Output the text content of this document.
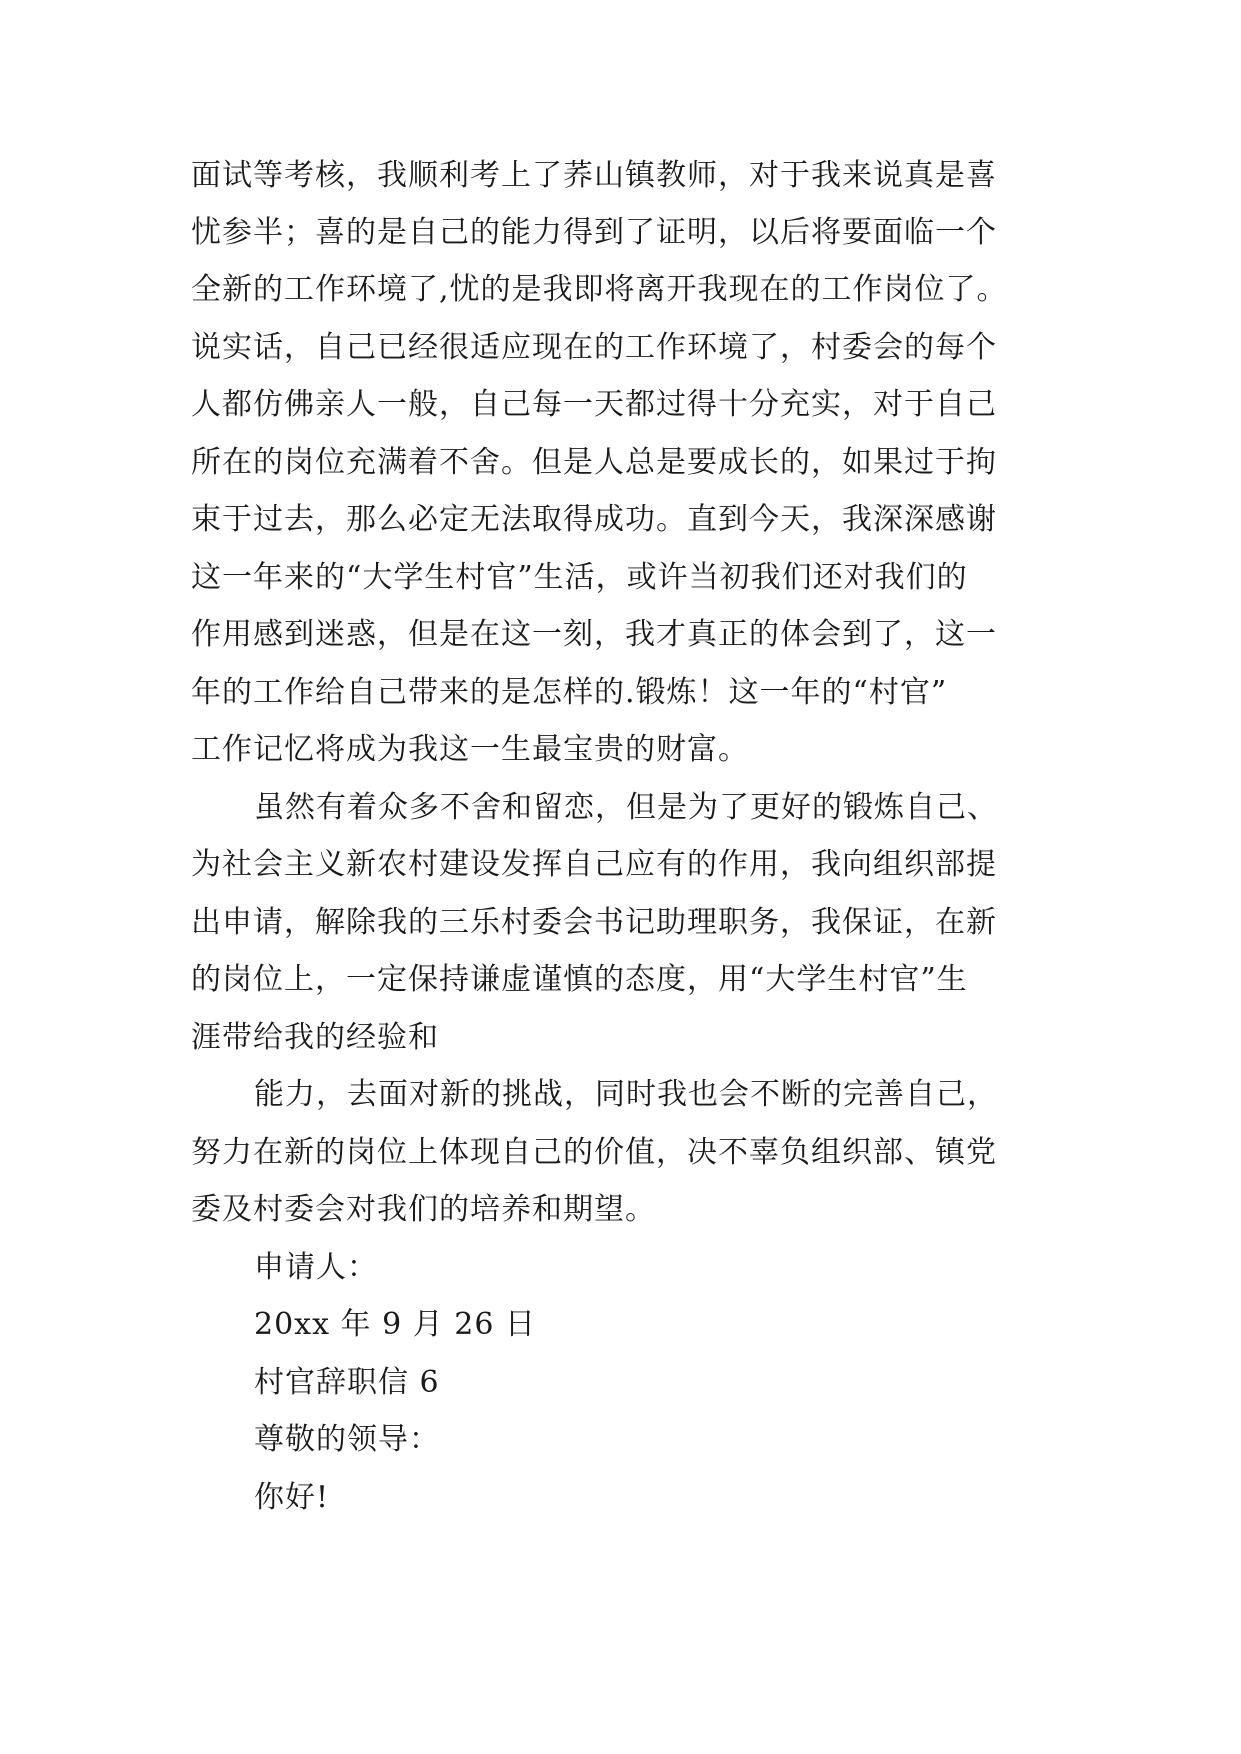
面试等考核，我顺利考上了荞山镇教师，对于我来说真是喜
忧参半；喜的是自己的能力得到了证明，以后将要面临一个
全新的工作环境了,忧的是我即将离开我现在的工作岗位了。
说实话，自己已经很适应现在的工作环境了，村委会的每个
人都仿佛亲人一般，自己每一天都过得十分充实，对于自己
所在的岗位充满着不舍。但是人总是要成长的，如果过于拘
束于过去，那么必定无法取得成功。直到今天，我深深感谢
这一年来的“大学生村官”生活，或许当初我们还对我们的
作用感到迷惑，但是在这一刻，我才真正的体会到了，这一
年的工作给自己带来的是怎样的.锻炼！这一年的“村官”
工作记忆将成为我这一生最宝贵的财富。
虽然有着众多不舍和留恋，但是为了更好的锻炼自己、
为社会主义新农村建设发挥自己应有的作用，我向组织部提
出申请，解除我的三乐村委会书记助理职务，我保证，在新
的岗位上，一定保持谦虚谨慎的态度，用“大学生村官”生
涯带给我的经验和
能力，去面对新的挑战，同时我也会不断的完善自己，
努力在新的岗位上体现自己的价值，决不辜负组织部、镇党
委及村委会对我们的培养和期望。
申请人：
20xx 年 9 月 26 日
村官辞职信 6
尊敬的领导：
你好!
